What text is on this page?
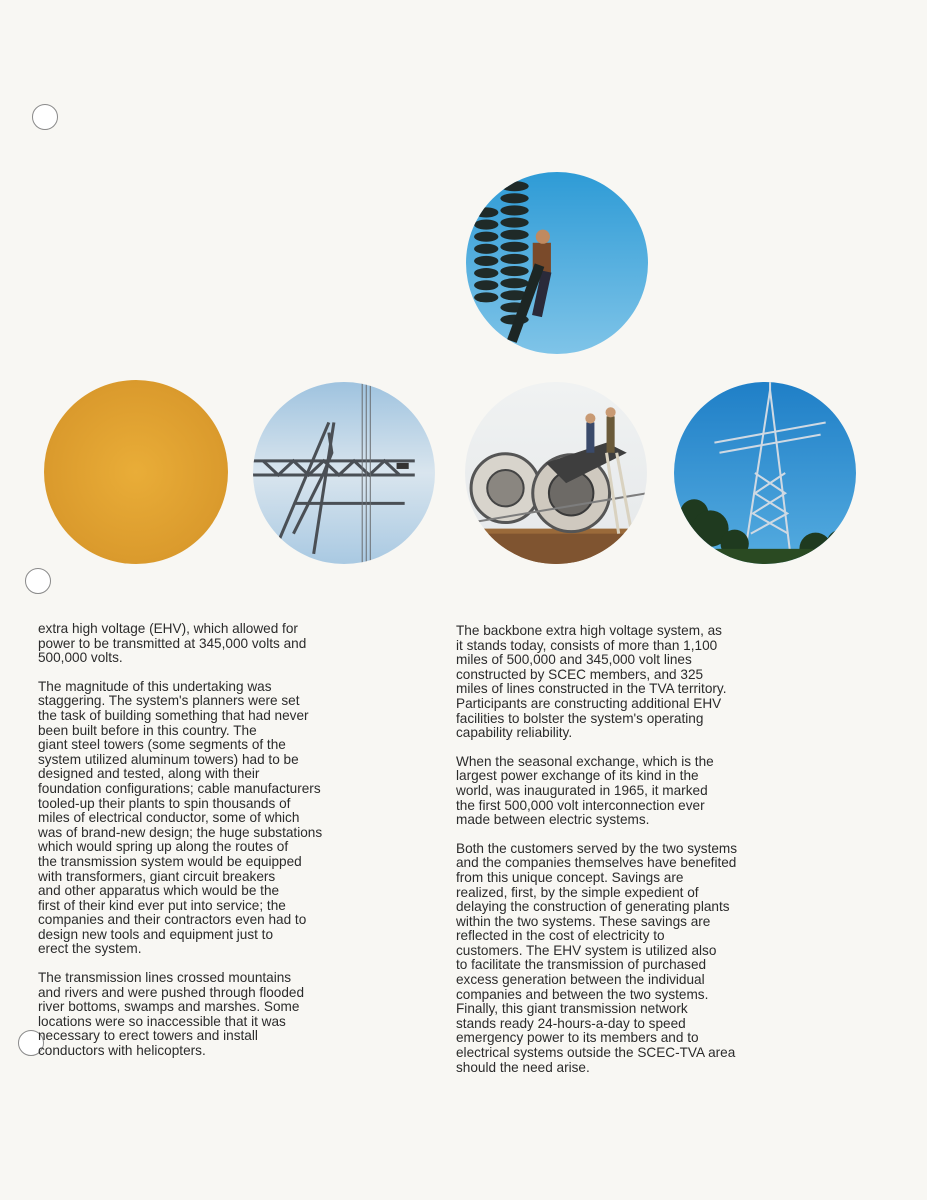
extra high voltage (EHV), which allowed for
power to be transmitted at 345,000 volts and
500,000 volts.

The magnitude of this undertaking was
staggering. The system's planners were set
the task of building something that had never
been built before in this country. The
giant steel towers (some segments of the
system utilized aluminum towers) had to be
designed and tested, along with their
foundation configurations; cable manufacturers
tooled-up their plants to spin thousands of
miles of electrical conductor, some of which
was of brand-new design; the huge substations
which would spring up along the routes of
the transmission system would be equipped
with transformers, giant circuit breakers
and other apparatus which would be the
first of their kind ever put into service; the
companies and their contractors even had to
design new tools and equipment just to
erect the system.

The transmission lines crossed mountains
and rivers and were pushed through flooded
river bottoms, swamps and marshes. Some
locations were so inaccessible that it was
necessary to erect towers and install
conductors with helicopters.

The backbone extra high voltage system, as
it stands today, consists of more than 1,100
miles of 500,000 and 345,000 volt lines
constructed by SCEC members, and 325
miles of lines constructed in the TVA territory.
Participants are constructing additional EHV
facilities to bolster the system's operating
capability reliability.

When the seasonal exchange, which is the
largest power exchange of its kind in the
world, was inaugurated in 1965, it marked
the first 500,000 volt interconnection ever
made between electric systems.

Both the customers served by the two systems
and the companies themselves have benefited
from this unique concept. Savings are
realized, first, by the simple expedient of
delaying the construction of generating plants
within the two systems. These savings are
reflected in the cost of electricity to
customers. The EHV system is utilized also
to facilitate the transmission of purchased
excess generation between the individual
companies and between the two systems.
Finally, this giant transmission network
stands ready 24-hours-a-day to speed
emergency power to its members and to
electrical systems outside the SCEC-TVA area
should the need arise.
